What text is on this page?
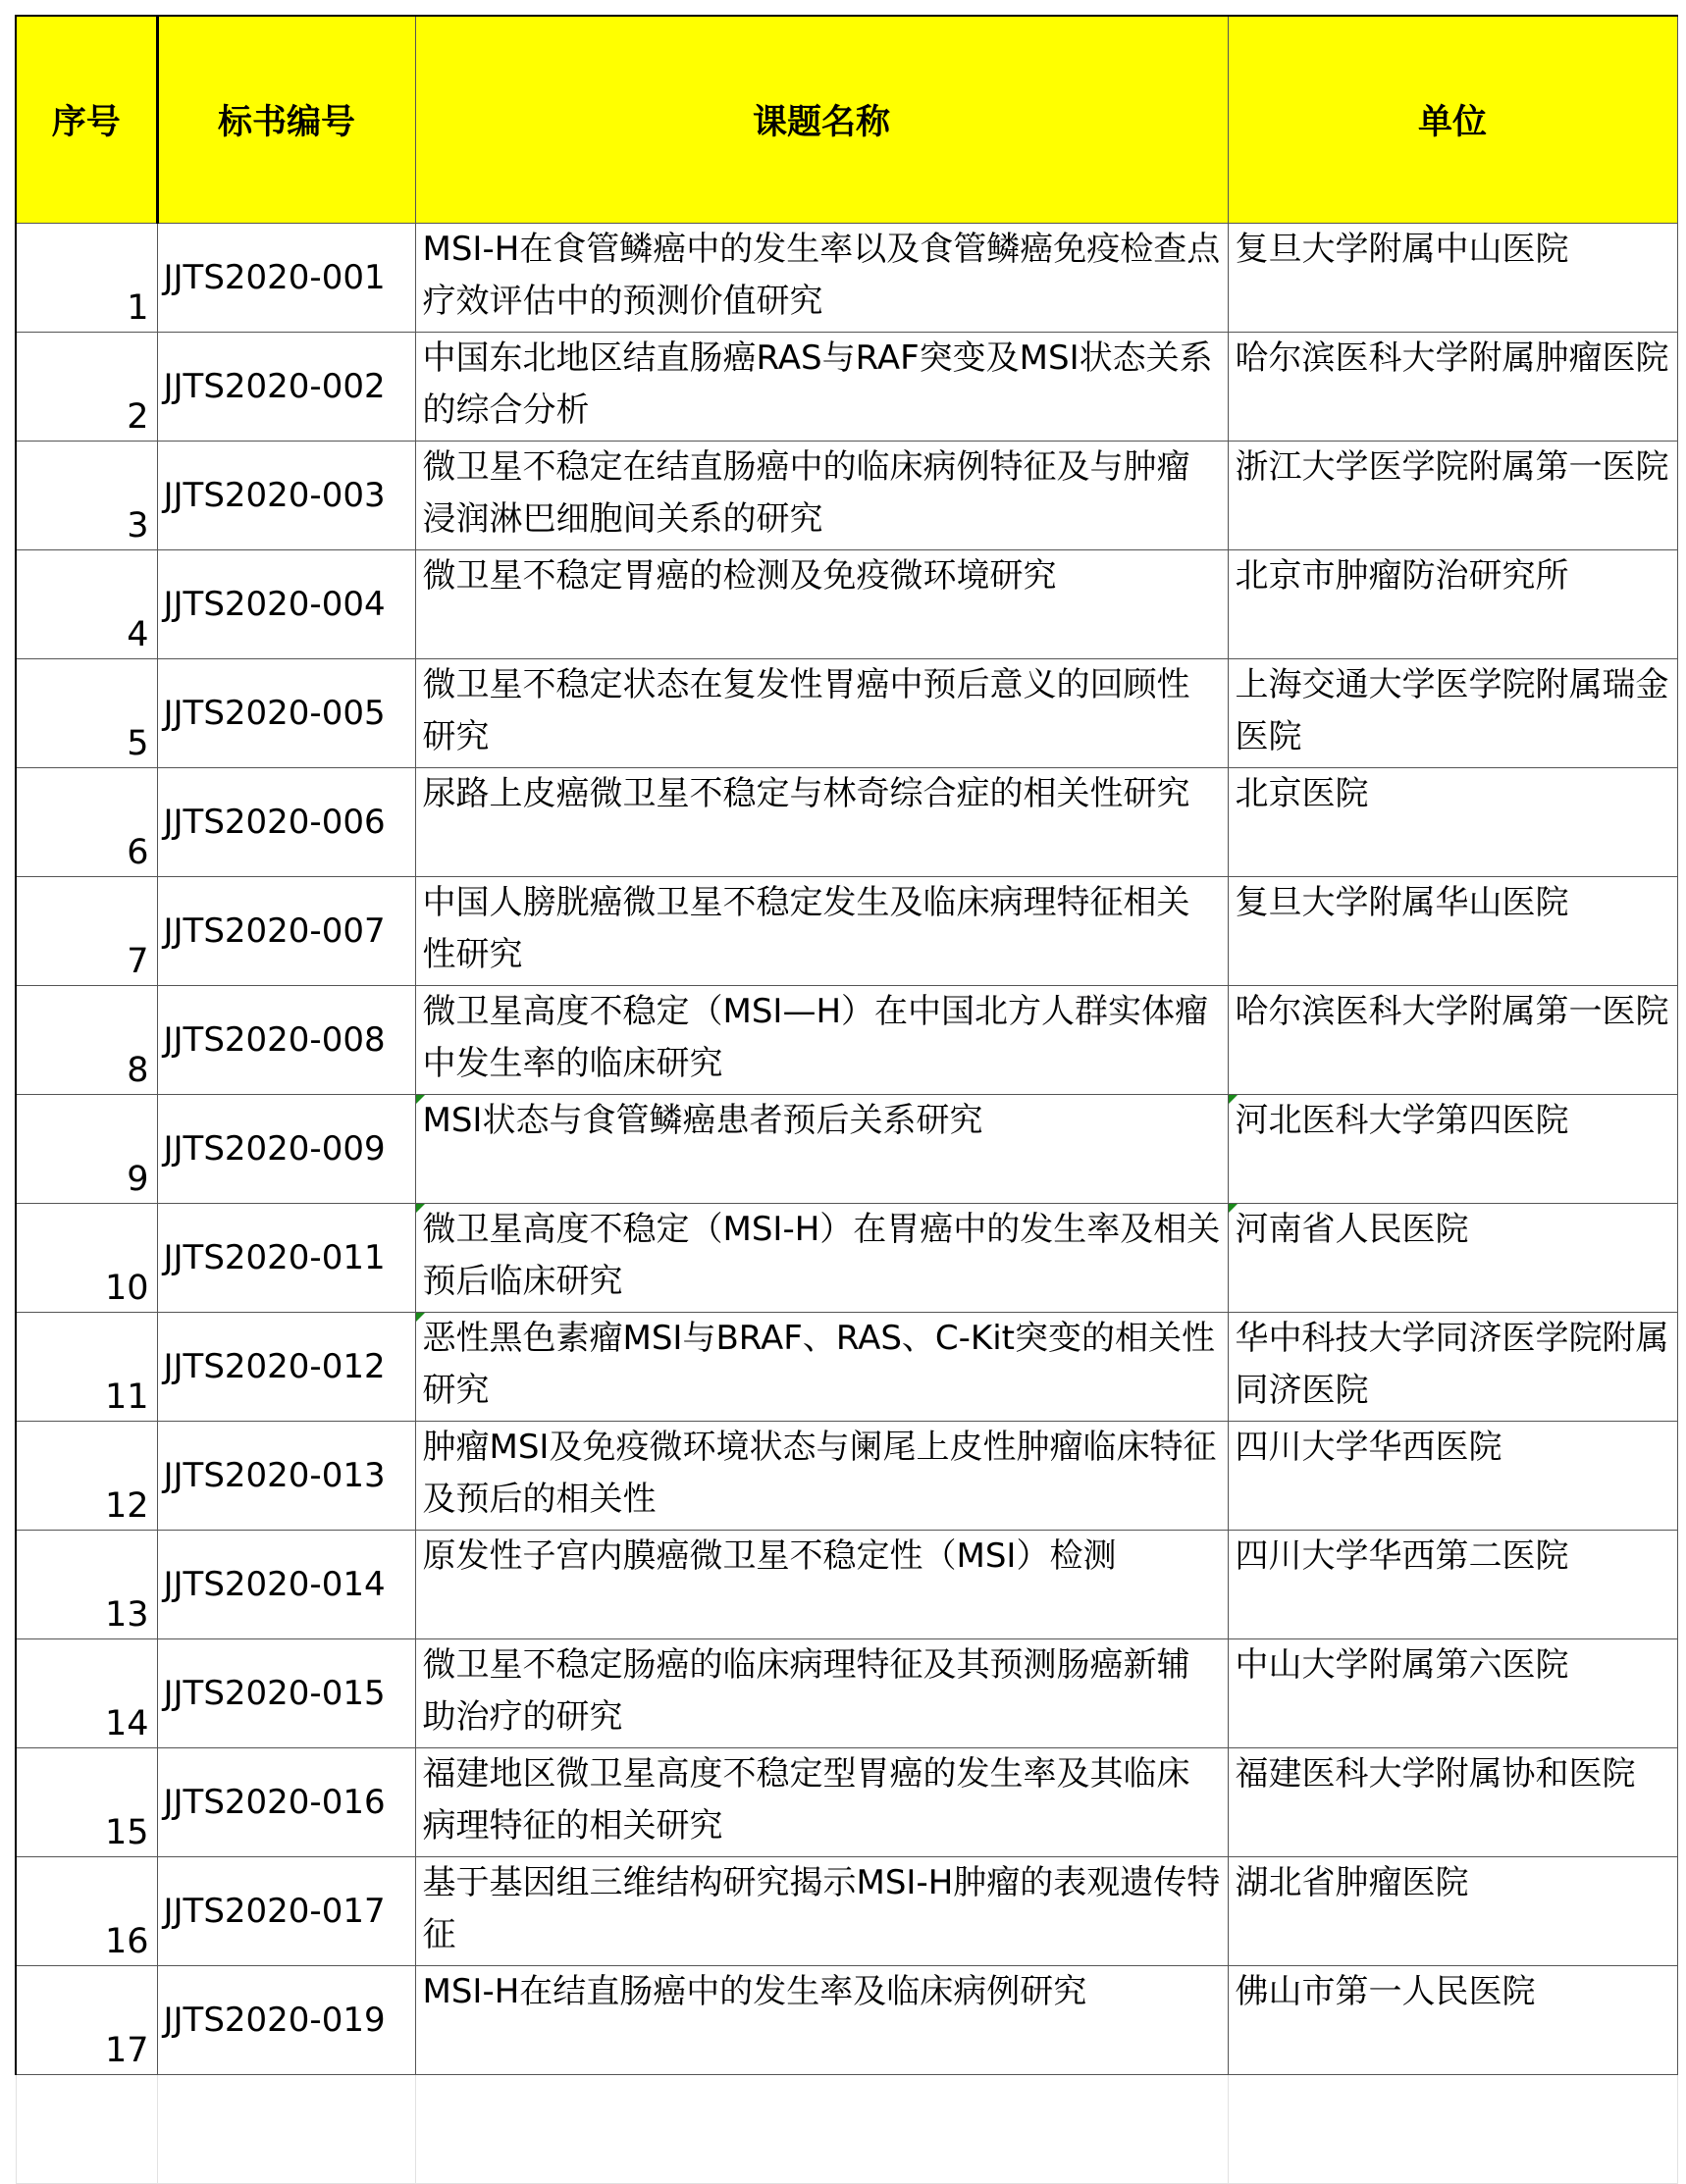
序号	标书编号	课题名称	单位
1	JJTS2020-001	MSI-H在食管鳞癌中的发生率以及食管鳞癌免疫检查点疗效评估中的预测价值研究	复旦大学附属中山医院
2	JJTS2020-002	中国东北地区结直肠癌RAS与RAF突变及MSI状态关系的综合分析	哈尔滨医科大学附属肿瘤医院
3	JJTS2020-003	微卫星不稳定在结直肠癌中的临床病例特征及与肿瘤浸润淋巴细胞间关系的研究	浙江大学医学院附属第一医院
4	JJTS2020-004	微卫星不稳定胃癌的检测及免疫微环境研究	北京市肿瘤防治研究所
5	JJTS2020-005	微卫星不稳定状态在复发性胃癌中预后意义的回顾性研究	上海交通大学医学院附属瑞金医院
6	JJTS2020-006	尿路上皮癌微卫星不稳定与林奇综合症的相关性研究	北京医院
7	JJTS2020-007	中国人膀胱癌微卫星不稳定发生及临床病理特征相关性研究	复旦大学附属华山医院
8	JJTS2020-008	微卫星高度不稳定（MSI—H）在中国北方人群实体瘤中发生率的临床研究	哈尔滨医科大学附属第一医院
9	JJTS2020-009	MSI状态与食管鳞癌患者预后关系研究	河北医科大学第四医院
10	JJTS2020-011	微卫星高度不稳定（MSI-H）在胃癌中的发生率及相关预后临床研究	河南省人民医院
11	JJTS2020-012	恶性黑色素瘤MSI与BRAF、RAS、C-Kit突变的相关性研究	华中科技大学同济医学院附属同济医院
12	JJTS2020-013	肿瘤MSI及免疫微环境状态与阑尾上皮性肿瘤临床特征及预后的相关性	四川大学华西医院
13	JJTS2020-014	原发性子宫内膜癌微卫星不稳定性（MSI）检测	四川大学华西第二医院
14	JJTS2020-015	微卫星不稳定肠癌的临床病理特征及其预测肠癌新辅助治疗的研究	中山大学附属第六医院
15	JJTS2020-016	福建地区微卫星高度不稳定型胃癌的发生率及其临床病理特征的相关研究	福建医科大学附属协和医院
16	JJTS2020-017	基于基因组三维结构研究揭示MSI-H肿瘤的表观遗传特征	湖北省肿瘤医院
17	JJTS2020-019	MSI-H在结直肠癌中的发生率及临床病例研究	佛山市第一人民医院
